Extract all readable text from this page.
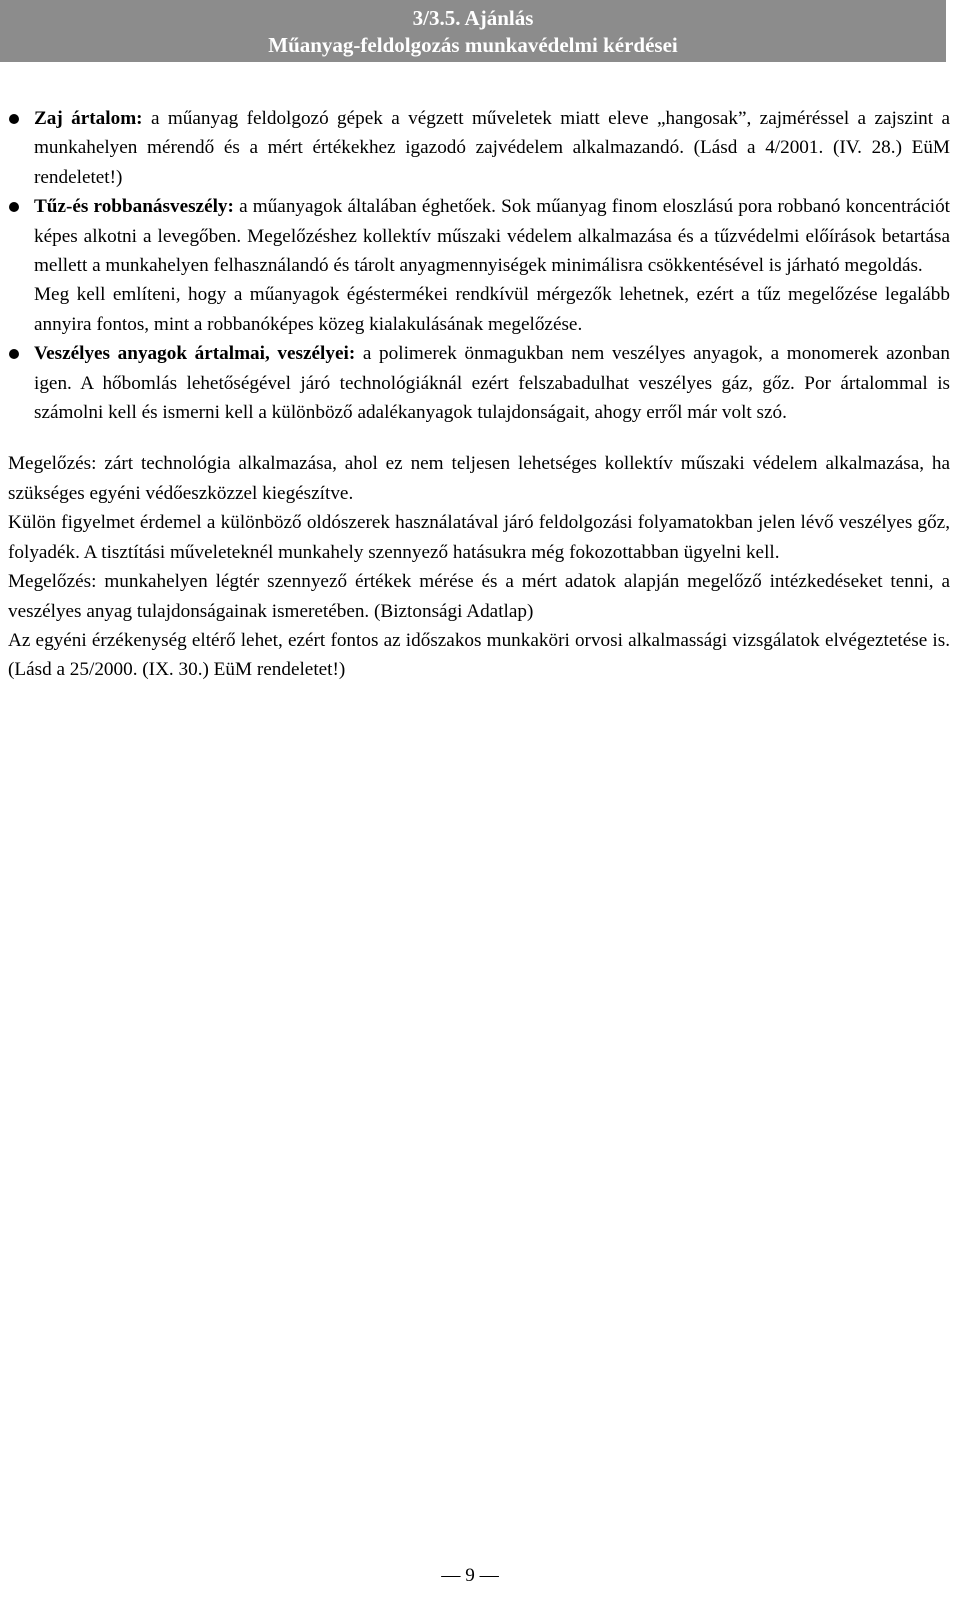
3/3.5. Ajánlás
Műanyag-feldolgozás munkavédelmi kérdései
Zaj ártalom: a műanyag feldolgozó gépek a végzett műveletek miatt eleve „hangosak”, zajméréssel a zajszint a munkahelyen mérendő és a mért értékekhez igazodó zajvédelem alkalmazandó. (Lásd a 4/2001. (IV. 28.) EüM rendeletet!)
Tűz-és robbanásveszély: a műanyagok általában éghetőek. Sok műanyag finom eloszlású pora robbanó koncentrációt képes alkotni a levegőben. Megelőzéshez kollektív műszaki védelem alkalmazása és a tűzvédelmi előírások betartása mellett a munkahelyen felhasználandó és tárolt anyagmennyiségek minimálisra csökkentésével is járható megoldás.
Meg kell említeni, hogy a műanyagok égéstermékei rendkívül mérgezők lehetnek, ezért a tűz megelőzése legalább annyira fontos, mint a robbanóképes közeg kialakulásának megelőzése.
Veszélyes anyagok ártalmai, veszélyei: a polimerek önmagukban nem veszélyes anyagok, a monomerek azonban igen. A hőbomlás lehetőségével járó technológiáknál ezért felszabadulhat veszélyes gáz, gőz. Por ártalommal is számolni kell és ismerni kell a különböző adalékanyagok tulajdonságait, ahogy erről már volt szó.

Megelőzés: zárt technológia alkalmazása, ahol ez nem teljesen lehetséges kollektív műszaki védelem alkalmazása, ha szükséges egyéni védőeszközzel kiegészítve.

Külön figyelmet érdemel a különböző oldószerek használatával járó feldolgozási folyamatokban jelen lévő veszélyes gőz, folyadék. A tisztítási műveleteknél munkahely szennyező hatásukra még fokozottabban ügyelni kell.

Megelőzés: munkahelyen légtér szennyező értékek mérése és a mért adatok alapján megelőző intézkedéseket tenni, a veszélyes anyag tulajdonságainak ismeretében. (Biztonsági Adatlap)

Az egyéni érzékenység eltérő lehet, ezért fontos az időszakos munkaköri orvosi alkalmassági vizsgálatok elvégeztetése is. (Lásd a 25/2000. (IX. 30.) EüM rendeletet!)

— 9 —
